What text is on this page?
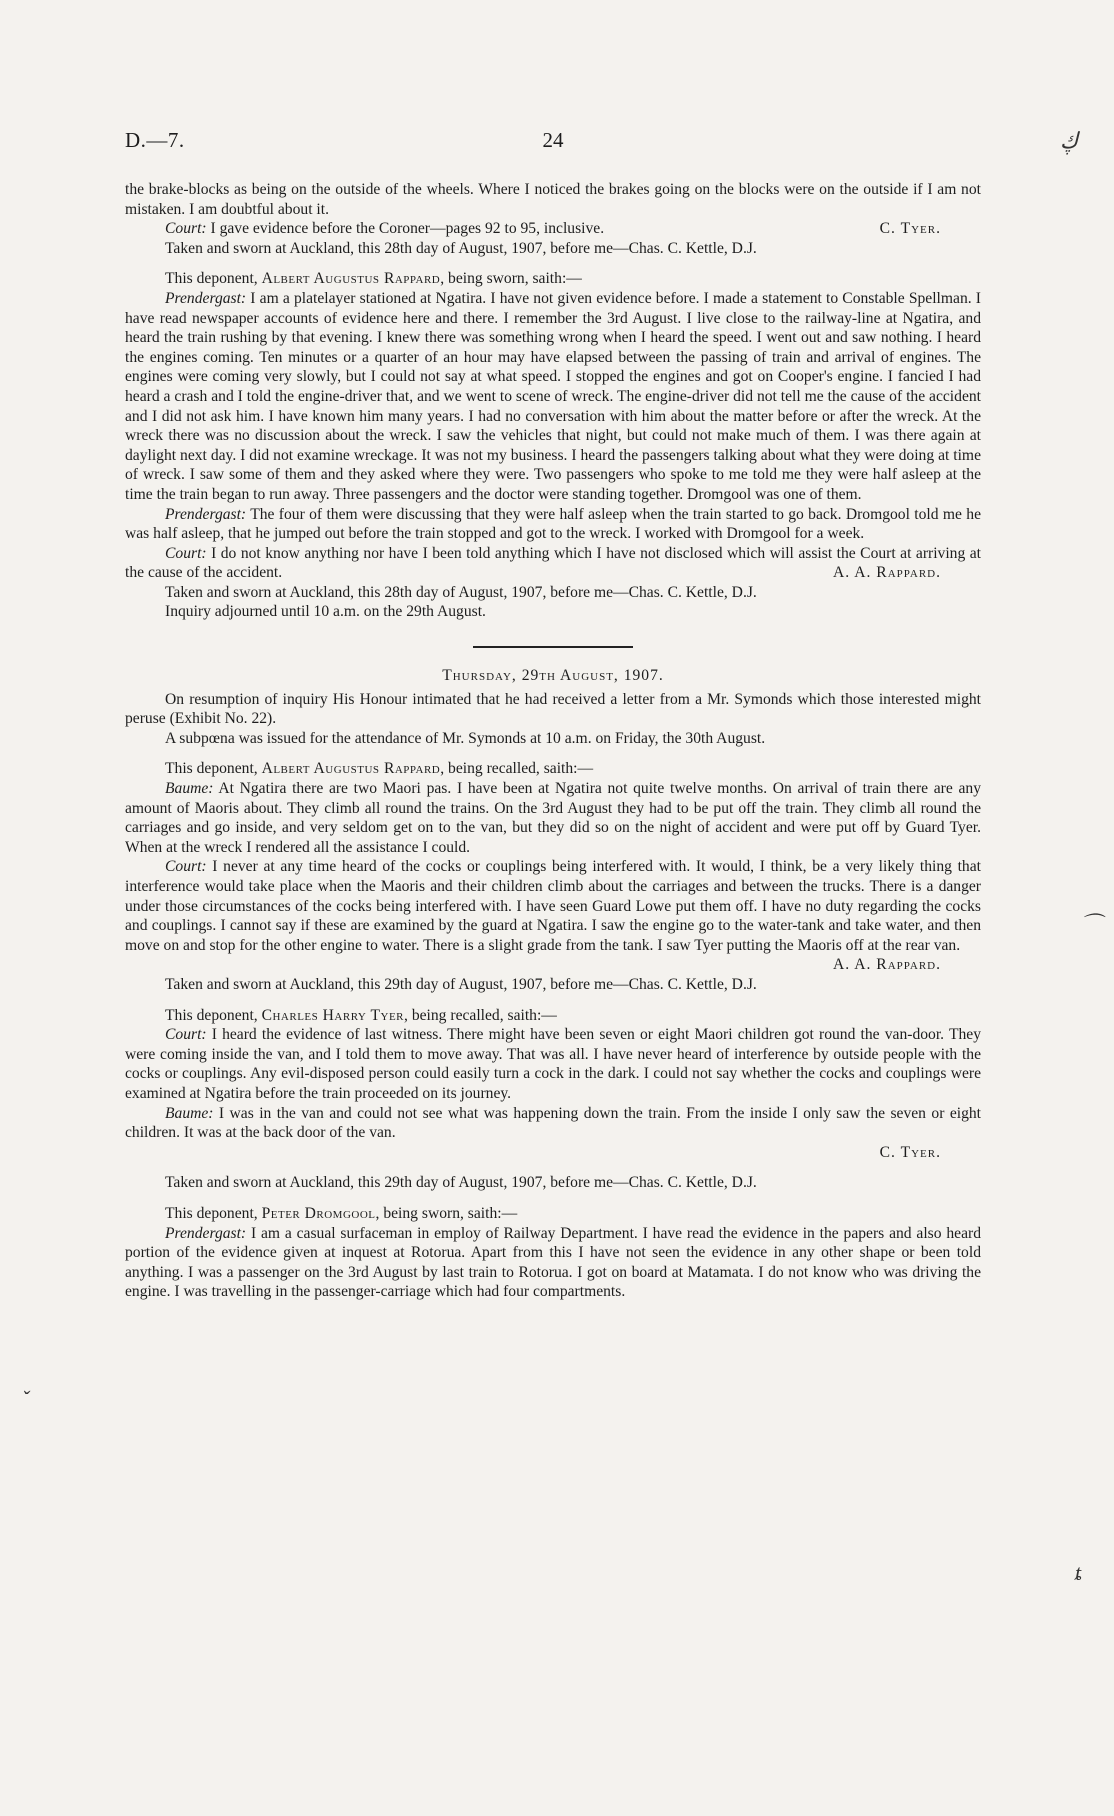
D.—7.	24	ڮ
⌒
ˇ
ȶ

the brake-blocks as being on the outside of the wheels. Where I noticed the brakes going on the blocks were on the outside if I am not mistaken. I am doubtful about it.

Court: I gave evidence before the Coroner—pages 92 to 95, inclusive.	C. Tyer.

Taken and sworn at Auckland, this 28th day of August, 1907, before me—Chas. C. Kettle, D.J.

This deponent, Albert Augustus Rappard, being sworn, saith:—

Prendergast: I am a platelayer stationed at Ngatira. I have not given evidence before. I made a statement to Constable Spellman. I have read newspaper accounts of evidence here and there. I remember the 3rd August. I live close to the railway-line at Ngatira, and heard the train rushing by that evening. I knew there was something wrong when I heard the speed. I went out and saw nothing. I heard the engines coming. Ten minutes or a quarter of an hour may have elapsed between the passing of train and arrival of engines. The engines were coming very slowly, but I could not say at what speed. I stopped the engines and got on Cooper's engine. I fancied I had heard a crash and I told the engine-driver that, and we went to scene of wreck. The engine-driver did not tell me the cause of the accident and I did not ask him. I have known him many years. I had no conversation with him about the matter before or after the wreck. At the wreck there was no discussion about the wreck. I saw the vehicles that night, but could not make much of them. I was there again at daylight next day. I did not examine wreckage. It was not my business. I heard the passengers talking about what they were doing at time of wreck. I saw some of them and they asked where they were. Two passengers who spoke to me told me they were half asleep at the time the train began to run away. Three passengers and the doctor were standing together. Dromgool was one of them.

Prendergast: The four of them were discussing that they were half asleep when the train started to go back. Dromgool told me he was half asleep, that he jumped out before the train stopped and got to the wreck. I worked with Dromgool for a week.

Court: I do not know anything nor have I been told anything which I have not disclosed which will assist the Court at arriving at the cause of the accident.	A. A. Rappard.

Taken and sworn at Auckland, this 28th day of August, 1907, before me—Chas. C. Kettle, D.J.

Inquiry adjourned until 10 a.m. on the 29th August.

Thursday, 29th August, 1907.

On resumption of inquiry His Honour intimated that he had received a letter from a Mr. Symonds which those interested might peruse (Exhibit No. 22).

A subpœna was issued for the attendance of Mr. Symonds at 10 a.m. on Friday, the 30th August.

This deponent, Albert Augustus Rappard, being recalled, saith:—

Baume: At Ngatira there are two Maori pas. I have been at Ngatira not quite twelve months. On arrival of train there are any amount of Maoris about. They climb all round the trains. On the 3rd August they had to be put off the train. They climb all round the carriages and go inside, and very seldom get on to the van, but they did so on the night of accident and were put off by Guard Tyer. When at the wreck I rendered all the assistance I could.

Court: I never at any time heard of the cocks or couplings being interfered with. It would, I think, be a very likely thing that interference would take place when the Maoris and their children climb about the carriages and between the trucks. There is a danger under those circumstances of the cocks being interfered with. I have seen Guard Lowe put them off. I have no duty regarding the cocks and couplings. I cannot say if these are examined by the guard at Ngatira. I saw the engine go to the water-tank and take water, and then move on and stop for the other engine to water. There is a slight grade from the tank. I saw Tyer putting the Maoris off at the rear van.

A. A. Rappard.

Taken and sworn at Auckland, this 29th day of August, 1907, before me—Chas. C. Kettle, D.J.

This deponent, Charles Harry Tyer, being recalled, saith:—

Court: I heard the evidence of last witness. There might have been seven or eight Maori children got round the van-door. They were coming inside the van, and I told them to move away. That was all. I have never heard of interference by outside people with the cocks or couplings. Any evil-disposed person could easily turn a cock in the dark. I could not say whether the cocks and couplings were examined at Ngatira before the train proceeded on its journey.

Baume: I was in the van and could not see what was happening down the train. From the inside I only saw the seven or eight children. It was at the back door of the van.

C. Tyer.

Taken and sworn at Auckland, this 29th day of August, 1907, before me—Chas. C. Kettle, D.J.

This deponent, Peter Dromgool, being sworn, saith:—

Prendergast: I am a casual surfaceman in employ of Railway Department. I have read the evidence in the papers and also heard portion of the evidence given at inquest at Rotorua. Apart from this I have not seen the evidence in any other shape or been told anything. I was a passenger on the 3rd August by last train to Rotorua. I got on board at Matamata. I do not know who was driving the engine. I was travelling in the passenger-carriage which had four compartments.
